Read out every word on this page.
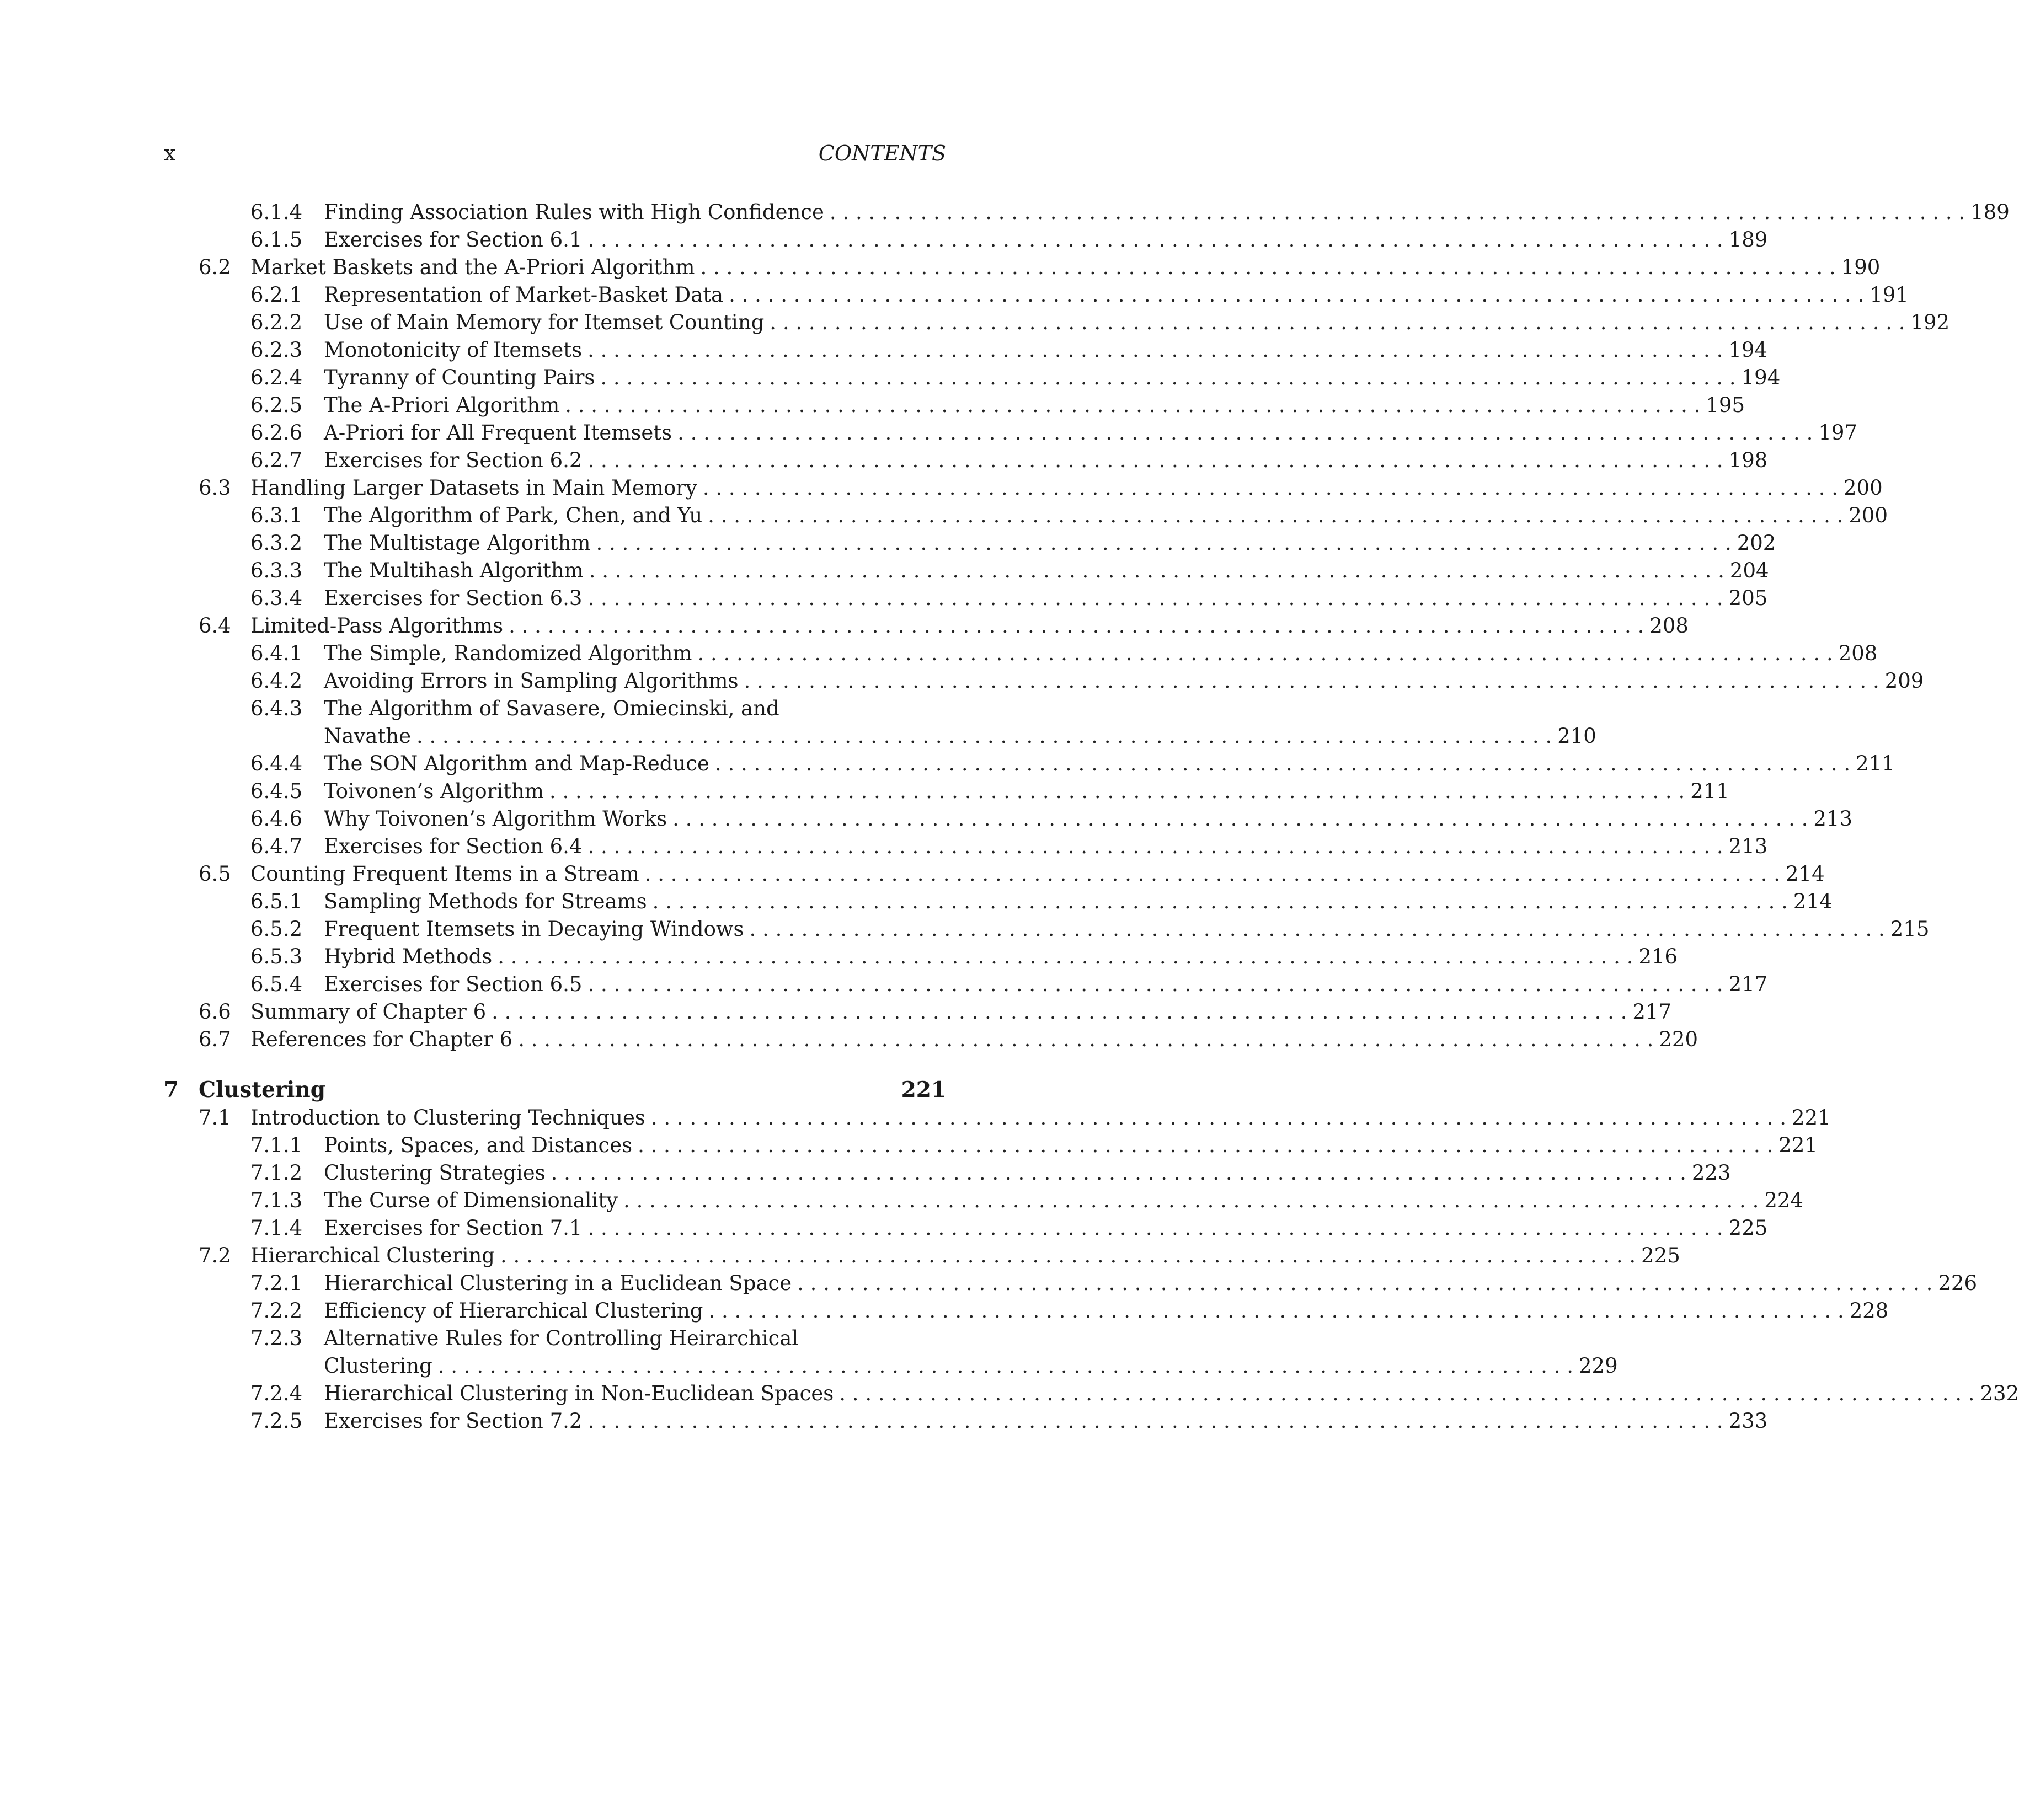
x	CONTENTS
6.1.4 Finding Association Rules with High Confidence . . . . . . . . . . . . . . . . . . . . . . . . . . . . . . . . . . . . . . . . . . . . . . . . . . . . . . . . . . . . . . . . . . . . . . . . . . . . . . . . . . . . . . . . 189
6.1.5 Exercises for Section 6.1 . . . . . . . . . . . . . . . . . . . . . . . . . . . . . . . . . . . . . . . . . . . . . . . . . . . . . . . . . . . . . . . . . . . . . . . . . . . . . . . . . . . . . . . . 189
6.2 Market Baskets and the A-Priori Algorithm . . . . . . . . . . . . . . . . . . . . . . . . . . . . . . . . . . . . . . . . . . . . . . . . . . . . . . . . . . . . . . . . . . . . . . . . . . . . . . . . . . . . . . . . 190
6.2.1 Representation of Market-Basket Data . . . . . . . . . . . . . . . . . . . . . . . . . . . . . . . . . . . . . . . . . . . . . . . . . . . . . . . . . . . . . . . . . . . . . . . . . . . . . . . . . . . . . . . . 191
6.2.2 Use of Main Memory for Itemset Counting . . . . . . . . . . . . . . . . . . . . . . . . . . . . . . . . . . . . . . . . . . . . . . . . . . . . . . . . . . . . . . . . . . . . . . . . . . . . . . . . . . . . . . . . 192
6.2.3 Monotonicity of Itemsets . . . . . . . . . . . . . . . . . . . . . . . . . . . . . . . . . . . . . . . . . . . . . . . . . . . . . . . . . . . . . . . . . . . . . . . . . . . . . . . . . . . . . . . . 194
6.2.4 Tyranny of Counting Pairs . . . . . . . . . . . . . . . . . . . . . . . . . . . . . . . . . . . . . . . . . . . . . . . . . . . . . . . . . . . . . . . . . . . . . . . . . . . . . . . . . . . . . . . . 194
6.2.5 The A-Priori Algorithm . . . . . . . . . . . . . . . . . . . . . . . . . . . . . . . . . . . . . . . . . . . . . . . . . . . . . . . . . . . . . . . . . . . . . . . . . . . . . . . . . . . . . . . . 195
6.2.6 A-Priori for All Frequent Itemsets . . . . . . . . . . . . . . . . . . . . . . . . . . . . . . . . . . . . . . . . . . . . . . . . . . . . . . . . . . . . . . . . . . . . . . . . . . . . . . . . . . . . . . . . 197
6.2.7 Exercises for Section 6.2 . . . . . . . . . . . . . . . . . . . . . . . . . . . . . . . . . . . . . . . . . . . . . . . . . . . . . . . . . . . . . . . . . . . . . . . . . . . . . . . . . . . . . . . . 198
6.3 Handling Larger Datasets in Main Memory . . . . . . . . . . . . . . . . . . . . . . . . . . . . . . . . . . . . . . . . . . . . . . . . . . . . . . . . . . . . . . . . . . . . . . . . . . . . . . . . . . . . . . . . 200
6.3.1 The Algorithm of Park, Chen, and Yu . . . . . . . . . . . . . . . . . . . . . . . . . . . . . . . . . . . . . . . . . . . . . . . . . . . . . . . . . . . . . . . . . . . . . . . . . . . . . . . . . . . . . . . . 200
6.3.2 The Multistage Algorithm . . . . . . . . . . . . . . . . . . . . . . . . . . . . . . . . . . . . . . . . . . . . . . . . . . . . . . . . . . . . . . . . . . . . . . . . . . . . . . . . . . . . . . . . 202
6.3.3 The Multihash Algorithm . . . . . . . . . . . . . . . . . . . . . . . . . . . . . . . . . . . . . . . . . . . . . . . . . . . . . . . . . . . . . . . . . . . . . . . . . . . . . . . . . . . . . . . . 204
6.3.4 Exercises for Section 6.3 . . . . . . . . . . . . . . . . . . . . . . . . . . . . . . . . . . . . . . . . . . . . . . . . . . . . . . . . . . . . . . . . . . . . . . . . . . . . . . . . . . . . . . . . 205
6.4 Limited-Pass Algorithms . . . . . . . . . . . . . . . . . . . . . . . . . . . . . . . . . . . . . . . . . . . . . . . . . . . . . . . . . . . . . . . . . . . . . . . . . . . . . . . . . . . . . . . . 208
6.4.1 The Simple, Randomized Algorithm . . . . . . . . . . . . . . . . . . . . . . . . . . . . . . . . . . . . . . . . . . . . . . . . . . . . . . . . . . . . . . . . . . . . . . . . . . . . . . . . . . . . . . . . 208
6.4.2 Avoiding Errors in Sampling Algorithms . . . . . . . . . . . . . . . . . . . . . . . . . . . . . . . . . . . . . . . . . . . . . . . . . . . . . . . . . . . . . . . . . . . . . . . . . . . . . . . . . . . . . . . . 209
6.4.3 The Algorithm of Savasere, Omiecinski, and
Navathe . . . . . . . . . . . . . . . . . . . . . . . . . . . . . . . . . . . . . . . . . . . . . . . . . . . . . . . . . . . . . . . . . . . . . . . . . . . . . . . . . . . . . . . . 210
6.4.4 The SON Algorithm and Map-Reduce . . . . . . . . . . . . . . . . . . . . . . . . . . . . . . . . . . . . . . . . . . . . . . . . . . . . . . . . . . . . . . . . . . . . . . . . . . . . . . . . . . . . . . . . 211
6.4.5 Toivonen’s Algorithm . . . . . . . . . . . . . . . . . . . . . . . . . . . . . . . . . . . . . . . . . . . . . . . . . . . . . . . . . . . . . . . . . . . . . . . . . . . . . . . . . . . . . . . . 211
6.4.6 Why Toivonen’s Algorithm Works . . . . . . . . . . . . . . . . . . . . . . . . . . . . . . . . . . . . . . . . . . . . . . . . . . . . . . . . . . . . . . . . . . . . . . . . . . . . . . . . . . . . . . . . 213
6.4.7 Exercises for Section 6.4 . . . . . . . . . . . . . . . . . . . . . . . . . . . . . . . . . . . . . . . . . . . . . . . . . . . . . . . . . . . . . . . . . . . . . . . . . . . . . . . . . . . . . . . . 213
6.5 Counting Frequent Items in a Stream . . . . . . . . . . . . . . . . . . . . . . . . . . . . . . . . . . . . . . . . . . . . . . . . . . . . . . . . . . . . . . . . . . . . . . . . . . . . . . . . . . . . . . . . 214
6.5.1 Sampling Methods for Streams . . . . . . . . . . . . . . . . . . . . . . . . . . . . . . . . . . . . . . . . . . . . . . . . . . . . . . . . . . . . . . . . . . . . . . . . . . . . . . . . . . . . . . . . 214
6.5.2 Frequent Itemsets in Decaying Windows . . . . . . . . . . . . . . . . . . . . . . . . . . . . . . . . . . . . . . . . . . . . . . . . . . . . . . . . . . . . . . . . . . . . . . . . . . . . . . . . . . . . . . . . 215
6.5.3 Hybrid Methods . . . . . . . . . . . . . . . . . . . . . . . . . . . . . . . . . . . . . . . . . . . . . . . . . . . . . . . . . . . . . . . . . . . . . . . . . . . . . . . . . . . . . . . . 216
6.5.4 Exercises for Section 6.5 . . . . . . . . . . . . . . . . . . . . . . . . . . . . . . . . . . . . . . . . . . . . . . . . . . . . . . . . . . . . . . . . . . . . . . . . . . . . . . . . . . . . . . . . 217
6.6 Summary of Chapter 6 . . . . . . . . . . . . . . . . . . . . . . . . . . . . . . . . . . . . . . . . . . . . . . . . . . . . . . . . . . . . . . . . . . . . . . . . . . . . . . . . . . . . . . . . 217
6.7 References for Chapter 6 . . . . . . . . . . . . . . . . . . . . . . . . . . . . . . . . . . . . . . . . . . . . . . . . . . . . . . . . . . . . . . . . . . . . . . . . . . . . . . . . . . . . . . . . 220
7 Clustering	221
7.1 Introduction to Clustering Techniques . . . . . . . . . . . . . . . . . . . . . . . . . . . . . . . . . . . . . . . . . . . . . . . . . . . . . . . . . . . . . . . . . . . . . . . . . . . . . . . . . . . . . . . . 221
7.1.1 Points, Spaces, and Distances . . . . . . . . . . . . . . . . . . . . . . . . . . . . . . . . . . . . . . . . . . . . . . . . . . . . . . . . . . . . . . . . . . . . . . . . . . . . . . . . . . . . . . . . 221
7.1.2 Clustering Strategies . . . . . . . . . . . . . . . . . . . . . . . . . . . . . . . . . . . . . . . . . . . . . . . . . . . . . . . . . . . . . . . . . . . . . . . . . . . . . . . . . . . . . . . . 223
7.1.3 The Curse of Dimensionality . . . . . . . . . . . . . . . . . . . . . . . . . . . . . . . . . . . . . . . . . . . . . . . . . . . . . . . . . . . . . . . . . . . . . . . . . . . . . . . . . . . . . . . . 224
7.1.4 Exercises for Section 7.1 . . . . . . . . . . . . . . . . . . . . . . . . . . . . . . . . . . . . . . . . . . . . . . . . . . . . . . . . . . . . . . . . . . . . . . . . . . . . . . . . . . . . . . . . 225
7.2 Hierarchical Clustering . . . . . . . . . . . . . . . . . . . . . . . . . . . . . . . . . . . . . . . . . . . . . . . . . . . . . . . . . . . . . . . . . . . . . . . . . . . . . . . . . . . . . . . . 225
7.2.1 Hierarchical Clustering in a Euclidean Space . . . . . . . . . . . . . . . . . . . . . . . . . . . . . . . . . . . . . . . . . . . . . . . . . . . . . . . . . . . . . . . . . . . . . . . . . . . . . . . . . . . . . . . . 226
7.2.2 Efficiency of Hierarchical Clustering . . . . . . . . . . . . . . . . . . . . . . . . . . . . . . . . . . . . . . . . . . . . . . . . . . . . . . . . . . . . . . . . . . . . . . . . . . . . . . . . . . . . . . . . 228
7.2.3 Alternative Rules for Controlling Heirarchical
Clustering . . . . . . . . . . . . . . . . . . . . . . . . . . . . . . . . . . . . . . . . . . . . . . . . . . . . . . . . . . . . . . . . . . . . . . . . . . . . . . . . . . . . . . . . 229
7.2.4 Hierarchical Clustering in Non-Euclidean Spaces . . . . . . . . . . . . . . . . . . . . . . . . . . . . . . . . . . . . . . . . . . . . . . . . . . . . . . . . . . . . . . . . . . . . . . . . . . . . . . . . . . . . . . . . 232
7.2.5 Exercises for Section 7.2 . . . . . . . . . . . . . . . . . . . . . . . . . . . . . . . . . . . . . . . . . . . . . . . . . . . . . . . . . . . . . . . . . . . . . . . . . . . . . . . . . . . . . . . . 233
